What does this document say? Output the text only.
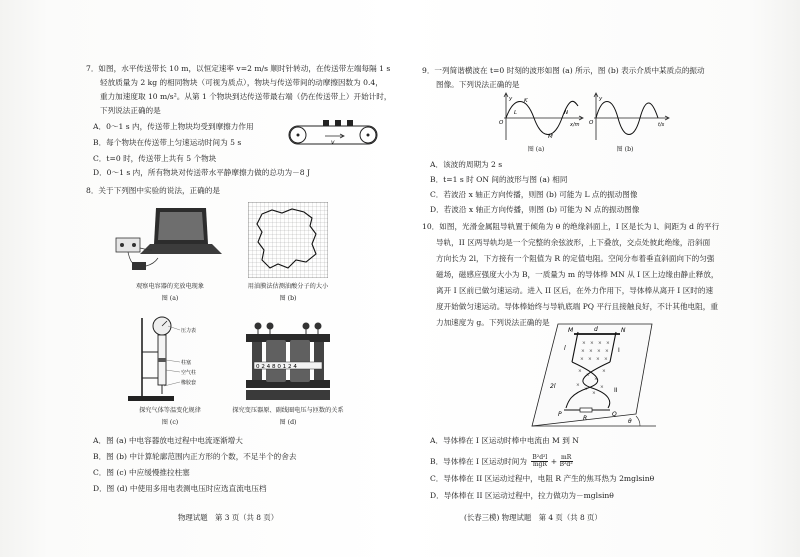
7．如图，水平传送带长 10 m，以恒定速率 v=2 m/s 顺时针转动，在传送带左端每隔 1 s
轻放质量为 2 kg 的相同物块（可视为质点），物块与传送带间的动摩擦因数为 0.4，
重力加速度取 10 m/s²。从第 1 个物块到达传送带最右端（仍在传送带上）开始计时，
下列说法正确的是
A．0～1 s 内，传送带上物块均受到摩擦力作用
B．每个物块在传送带上匀速运动时间为 5 s
C．t=0 时，传送带上共有 5 个物块
D．0～1 s 内，所有物块对传送带水平静摩擦力做的总功为－8 J
v
8．关于下列图中实验的说法，正确的是
观察电容器的充放电现象
图 (a)
用油膜法估测油酸分子的大小
图 (b)
压力表
柱塞
空气柱
橡胶套
探究气体等温变化规律
图 (c)
0 2 4 8 0 1 2 4
探究变压器原、副线圈电压与匝数的关系
图 (d)
A．图 (a) 中电容器放电过程中电流逐渐增大
B．图 (b) 中计算轮廓范围内正方形的个数，不足半个的舍去
C．图 (c) 中应缓慢推拉柱塞
D．图 (d) 中使用多用电表测电压时应选直流电压档
物理试题　第 3 页（共 8 页）
9．一列简谐横波在 t=0 时刻的波形如图 (a) 所示，图 (b) 表示介质中某质点的振动
图像。下列说法正确的是
y
O	x/m
L
K
N
M
图 (a)
y
O	t/s
图 (b)
A．该波的周期为 2 s
B．t=1 s 时 ON 间的波形与图 (a) 相同
C．若波沿 x 轴正方向传播，则图 (b) 可能为 L 点的振动图像
D．若波沿 x 轴正方向传播，则图 (b) 可能为 N 点的振动图像
10．如图，光滑金属阻导轨置于倾角为 θ 的绝缘斜面上，I 区是长为 l、间距为 d 的平行
导轨，II 区两导轨均是一个完整的余弦波形，上下叠放，交点处彼此绝缘，沿斜面
方向长为 2l，下方接有一个阻值为 R 的定值电阻。空间分布着垂直斜面向下的匀强
磁场，磁感应强度大小为 B，一质量为 m 的导体棒 MN 从 I 区上边缘由静止释放，
离开 I 区前已做匀速运动。进入 II 区后，在外力作用下，导体棒从离开 I 区时的速
度开始做匀速运动。导体棒始终与导轨底端 PQ 平行且接触良好，不计其他电阻，重
力加速度为 g。下列说法正确的是
θ
× × × ×
× × × ×
× × × ×
×
×
×
×
×
×
×
×
M	N
d
l
2l
I
II
P	Q
R
A．导体棒在 I 区运动时棒中电流由 M 到 N
B．导体棒在 I 区运动时间为 B²d²l
mgR + $\frac{mR}{\text{B²d²}}$
C．导体棒在 II 区运动过程中，电阻 R 产生的焦耳热为 2mglsinθ
D．导体棒在 II 区运动过程中，拉力做功为－mglsinθ
(长春三模) 物理试题　第 4 页（共 8 页）
